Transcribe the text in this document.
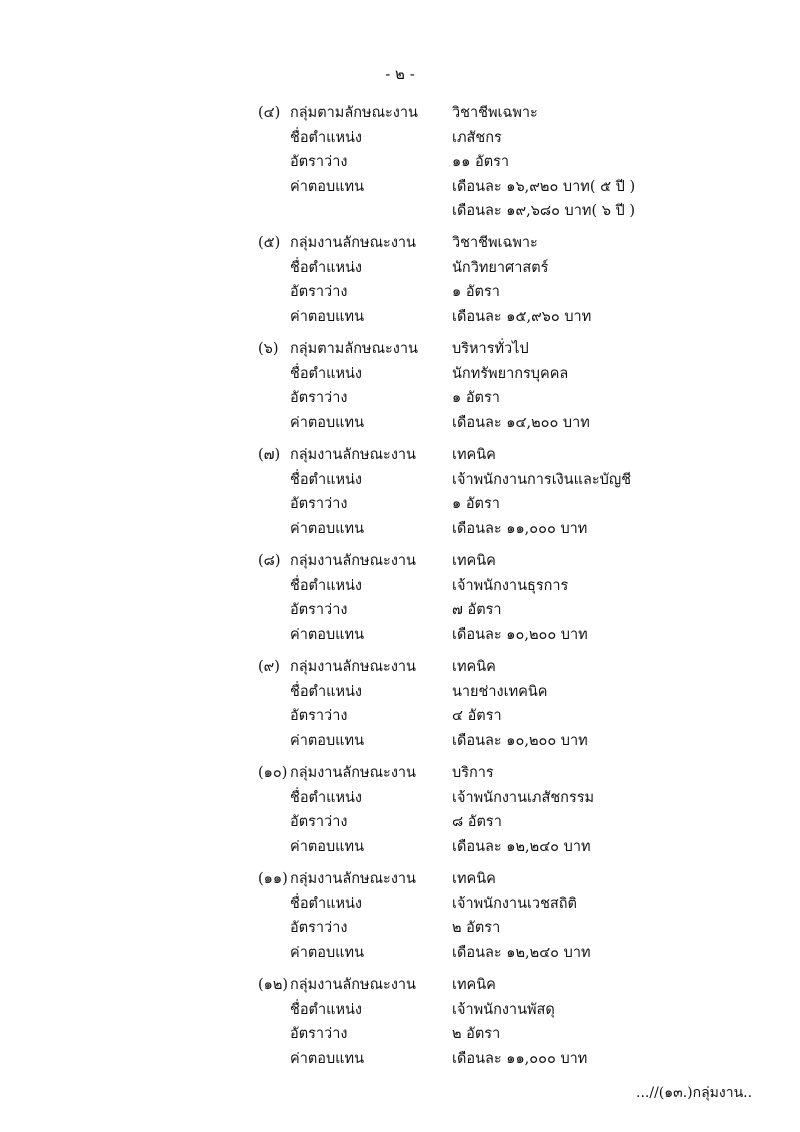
- ๒ -
(๔) กลุ่มตามลักษณะงาน วิชาชีพเฉพาะ
ชื่อตำแหน่ง	เภสัชกร
อัตราว่าง	๑๑ อัตรา
ค่าตอบแทน	เดือนละ ๑๖,๙๒๐ บาท( ๕ ปี )
เดือนละ ๑๙,๖๘๐ บาท( ๖ ปี )
(๕) กลุ่มงานลักษณะงาน วิชาชีพเฉพาะ
ชื่อตำแหน่ง	นักวิทยาศาสตร์
อัตราว่าง	๑ อัตรา
ค่าตอบแทน	เดือนละ ๑๕,๙๖๐ บาท
(๖) กลุ่มตามลักษณะงาน บริหารทั่วไป
ชื่อตำแหน่ง	นักทรัพยากรบุคคล
อัตราว่าง	๑ อัตรา
ค่าตอบแทน	เดือนละ ๑๔,๒๐๐ บาท
(๗) กลุ่มงานลักษณะงาน เทคนิค
ชื่อตำแหน่ง	เจ้าพนักงานการเงินและบัญชี
อัตราว่าง	๑ อัตรา
ค่าตอบแทน	เดือนละ ๑๑,๐๐๐ บาท
(๘) กลุ่มงานลักษณะงาน เทคนิค
ชื่อตำแหน่ง	เจ้าพนักงานธุรการ
อัตราว่าง	๗ อัตรา
ค่าตอบแทน	เดือนละ ๑๐,๒๐๐ บาท
(๙) กลุ่มงานลักษณะงาน เทคนิค
ชื่อตำแหน่ง	นายช่างเทคนิค
อัตราว่าง	๔ อัตรา
ค่าตอบแทน	เดือนละ ๑๐,๒๐๐ บาท
(๑๐) กลุ่มงานลักษณะงาน บริการ
ชื่อตำแหน่ง	เจ้าพนักงานเภสัชกรรม
อัตราว่าง	๘ อัตรา
ค่าตอบแทน	เดือนละ ๑๒,๒๔๐ บาท
(๑๑) กลุ่มงานลักษณะงาน เทคนิค
ชื่อตำแหน่ง	เจ้าพนักงานเวชสถิติ
อัตราว่าง	๒ อัตรา
ค่าตอบแทน	เดือนละ ๑๒,๒๔๐ บาท
(๑๒) กลุ่มงานลักษณะงาน เทคนิค
ชื่อตำแหน่ง	เจ้าพนักงานพัสดุ
อัตราว่าง	๒ อัตรา
ค่าตอบแทน	เดือนละ ๑๑,๐๐๐ บาท
...//(๑๓.)กลุ่มงาน..
